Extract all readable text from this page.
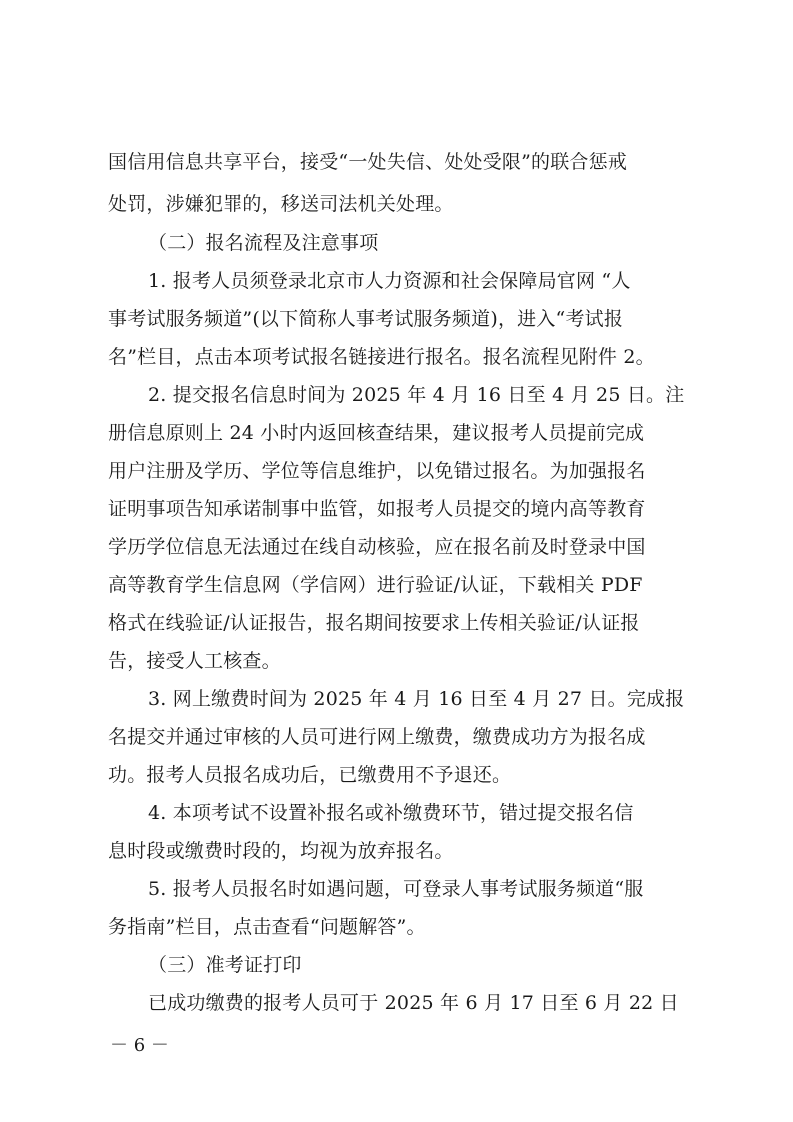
国信用信息共享平台，接受“一处失信、处处受限”的联合惩戒
处罚，涉嫌犯罪的，移送司法机关处理。
（二）报名流程及注意事项
1. 报考人员须登录北京市人力资源和社会保障局官网 “人
事考试服务频道”(以下简称人事考试服务频道)，进入“考试报
名”栏目，点击本项考试报名链接进行报名。报名流程见附件 2。
2. 提交报名信息时间为 2025 年 4 月 16 日至 4 月 25 日。注
册信息原则上 24 小时内返回核查结果，建议报考人员提前完成
用户注册及学历、学位等信息维护，以免错过报名。为加强报名
证明事项告知承诺制事中监管，如报考人员提交的境内高等教育
学历学位信息无法通过在线自动核验，应在报名前及时登录中国
高等教育学生信息网（学信网）进行验证/认证，下载相关 PDF
格式在线验证/认证报告，报名期间按要求上传相关验证/认证报
告，接受人工核查。
3. 网上缴费时间为 2025 年 4 月 16 日至 4 月 27 日。完成报
名提交并通过审核的人员可进行网上缴费，缴费成功方为报名成
功。报考人员报名成功后，已缴费用不予退还。
4. 本项考试不设置补报名或补缴费环节，错过提交报名信
息时段或缴费时段的，均视为放弃报名。
5. 报考人员报名时如遇问题，可登录人事考试服务频道“服
务指南”栏目，点击查看“问题解答”。
（三）准考证打印
已成功缴费的报考人员可于 2025 年 6 月 17 日至 6 月 22 日
－ 6 －
